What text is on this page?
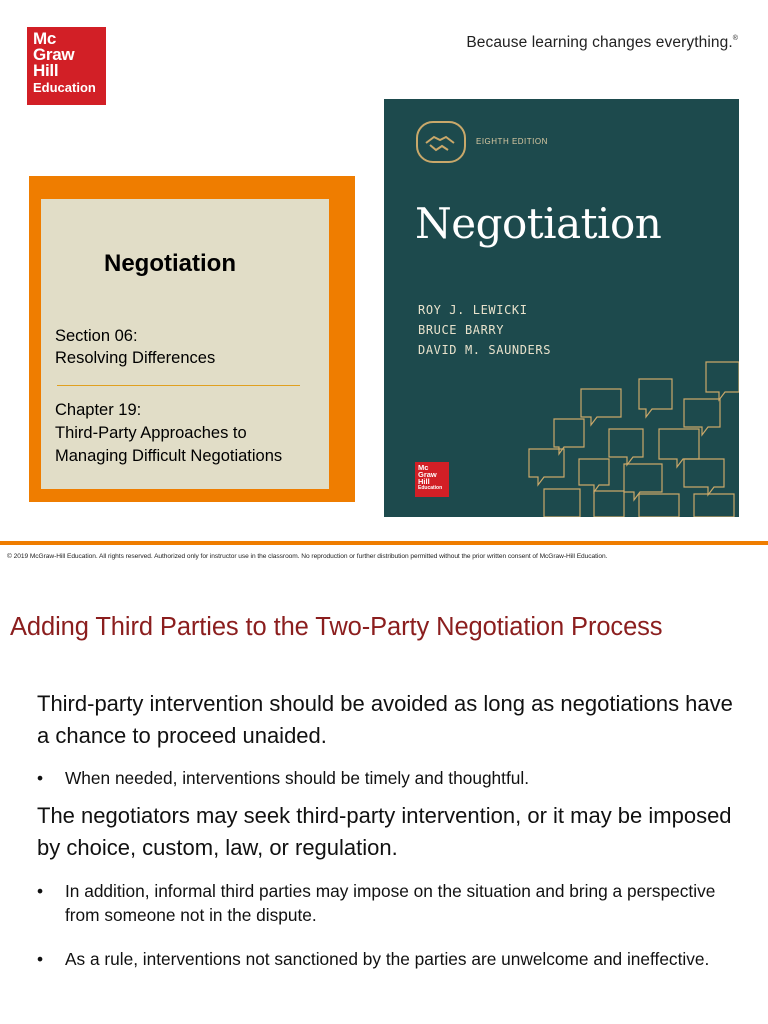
Mc
Graw
Hill
Education
Because learning changes everything.®
Negotiation
Section 06:
Resolving Differences
Chapter 19:
Third-Party Approaches to
Managing Difficult Negotiations
EIGHTH EDITION
Negotiation
ROY J. LEWICKI
BRUCE BARRY
DAVID M. SAUNDERS
Mc
Graw
Hill
Education
© 2019 McGraw-Hill Education. All rights reserved. Authorized only for instructor use in the classroom. No reproduction or further distribution permitted without the prior written consent of McGraw-Hill Education.
Adding Third Parties to the Two-Party Negotiation Process
Third-party intervention should be avoided as long as negotiations have a chance to proceed unaided.
• When needed, interventions should be timely and thoughtful.
The negotiators may seek third-party intervention, or it may be imposed by choice, custom, law, or regulation.
• In addition, informal third parties may impose on the situation and bring a perspective from someone not in the dispute.
• As a rule, interventions not sanctioned by the parties are unwelcome and ineffective.
